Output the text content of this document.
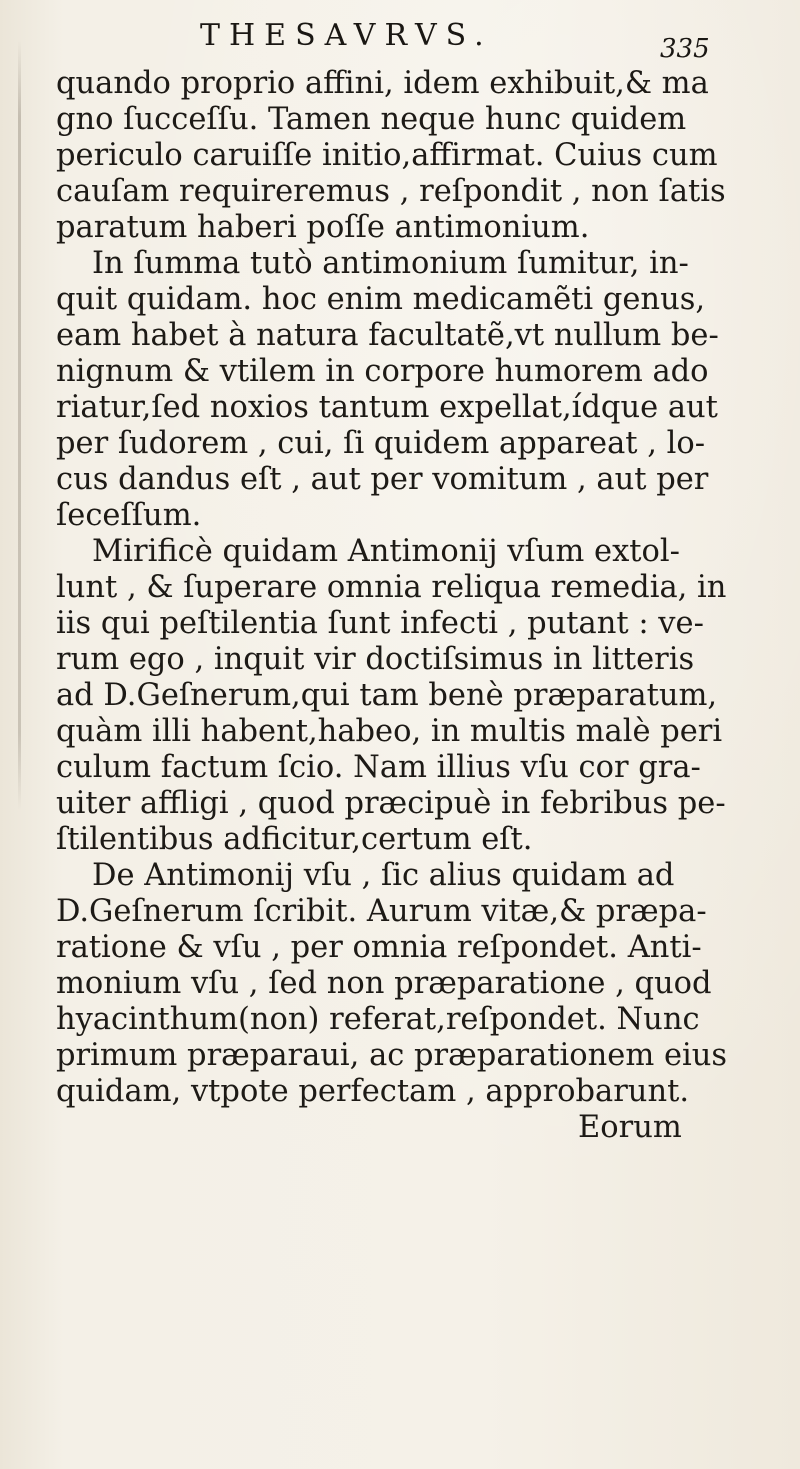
THESAVRVS.	335
quando proprio affini, idem exhibuit,& ma
gno ſucceſſu. Tamen neque hunc quidem
periculo caruiſſe initio,affirmat. Cuius cum
cauſam requireremus , reſpondit , non ſatis
paratum haberi poſſe antimonium.
In ſumma tutò antimonium ſumitur, in-
quit quidam. hoc enim medicamẽti genus,
eam habet à natura facultatẽ,vt nullum be-
nignum & vtilem in corpore humorem ado
riatur,ſed noxios tantum expellat,ídque aut
per ſudorem , cui, ſi quidem appareat , lo-
cus dandus eſt , aut per vomitum , aut per
ſeceſſum.
Mirificè quidam Antimonij vſum extol-
lunt , & ſuperare omnia reliqua remedia, in
iis qui peſtilentia ſunt infecti , putant : ve-
rum ego , inquit vir doctiſsimus in litteris
ad D.Geſnerum,qui tam benè præparatum,
quàm illi habent,habeo, in multis malè peri
culum factum ſcio. Nam illius vſu cor gra-
uiter affligi , quod præcipuè in febribus pe-
ſtilentibus adficitur,certum eſt.
De Antimonij vſu , ſic alius quidam ad
D.Geſnerum ſcribit. Aurum vitæ,& præpa-
ratione & vſu , per omnia reſpondet. Anti-
monium vſu , ſed non præparatione , quod
hyacinthum(non) referat,reſpondet. Nunc
primum præparaui, ac præparationem eius
quidam, vtpote perfectam , approbarunt.
Eorum
